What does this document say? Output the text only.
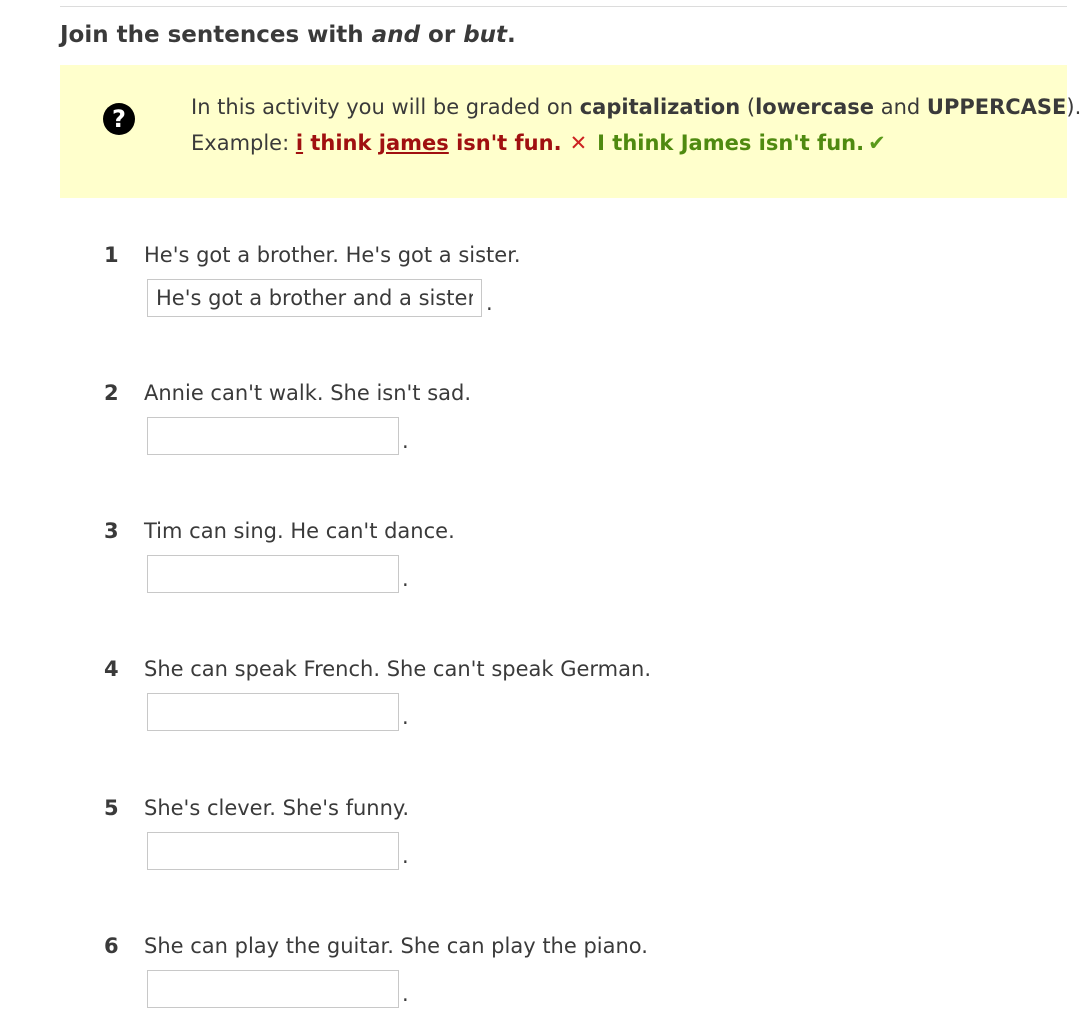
Join the sentences with and or but.
?	In this activity you will be graded on capitalization (lowercase and UPPERCASE).
Example: i think james isn't fun. ✕ I think James isn't fun. ✔
1 He's got a brother. He's got a sister.
He's got a brother and a sister
.
2 Annie can't walk. She isn't sad.
.
3 Tim can sing. He can't dance.
.
4 She can speak French. She can't speak German.
.
5 She's clever. She's funny.
.
6 She can play the guitar. She can play the piano.
.
